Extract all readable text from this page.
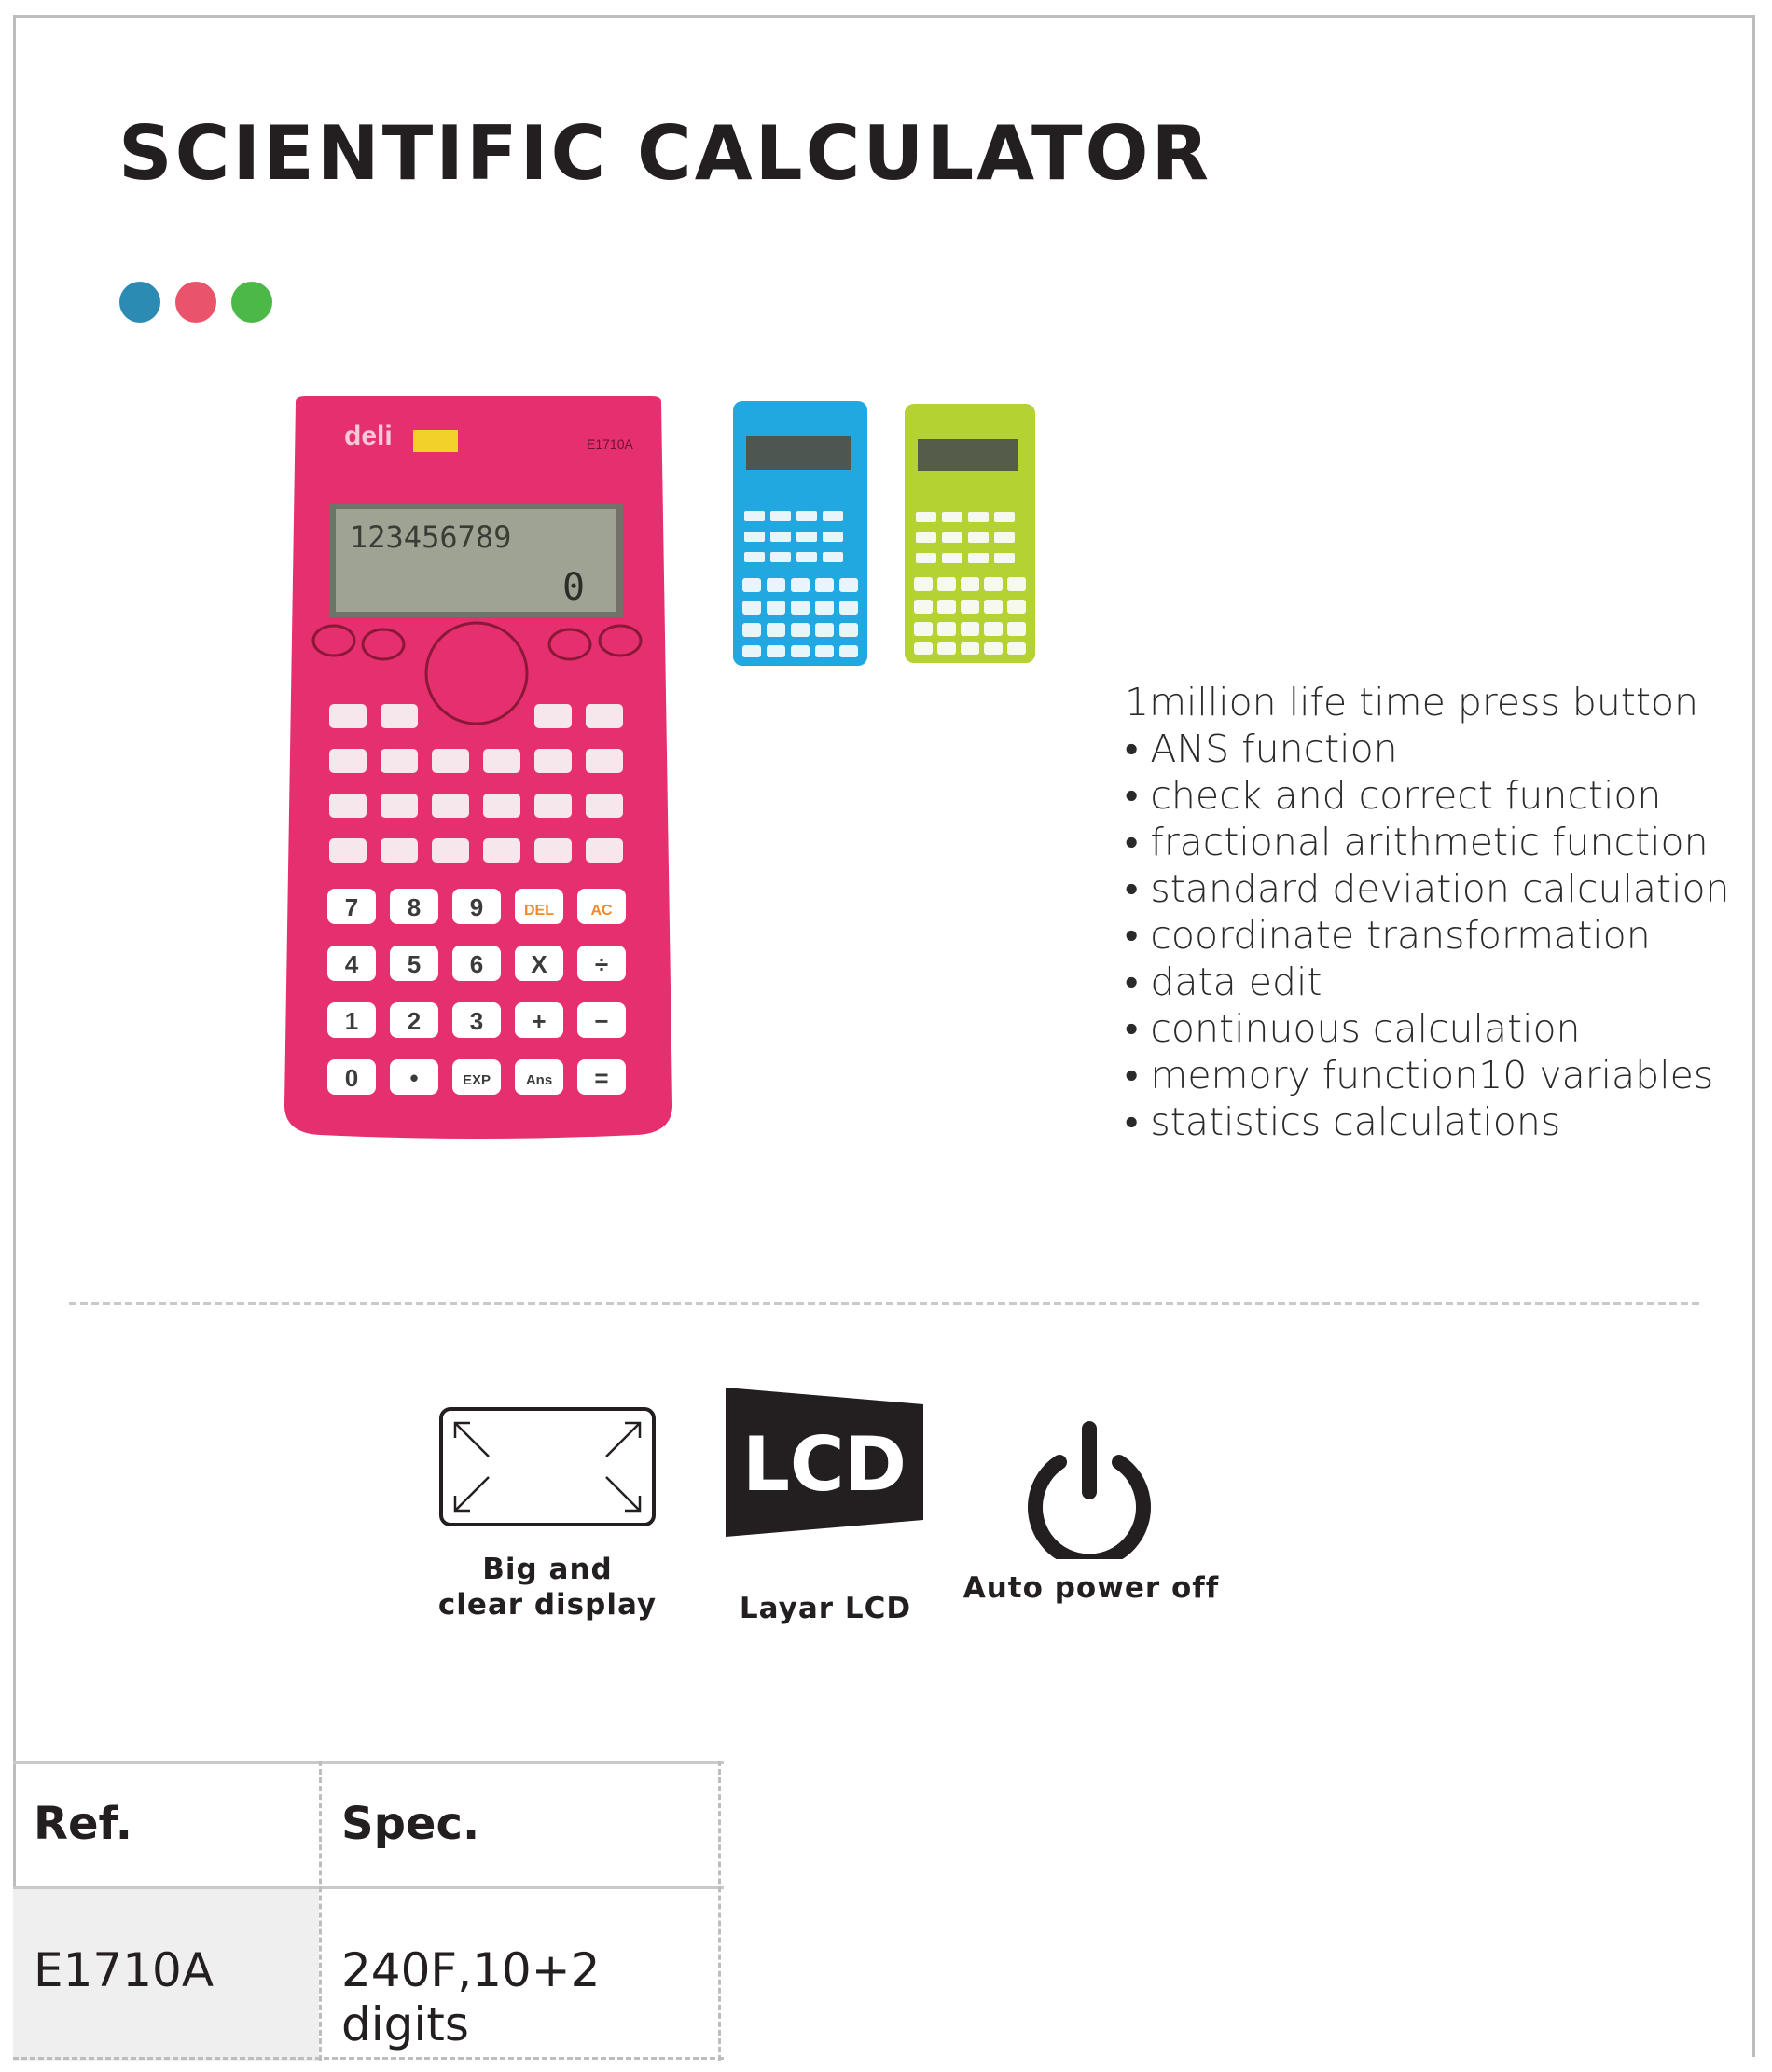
SCIENTIFIC CALCULATOR
deli	E1710A
123456789
0
7 8 9	DEL AC
4 5 6 X ÷
1 2 3 + −
0 •	EXP	Ans =
1million life time press button
• ANS function
• check and correct function
• fractional arithmetic function
• standard deviation calculation
• coordinate transformation
• data edit
• continuous calculation
• memory function10 variables
• statistics calculations
Big and
clear display
LCD
Layar LCD
Auto power off
Ref.	Spec.
E1710A	240F,10+2 digits
